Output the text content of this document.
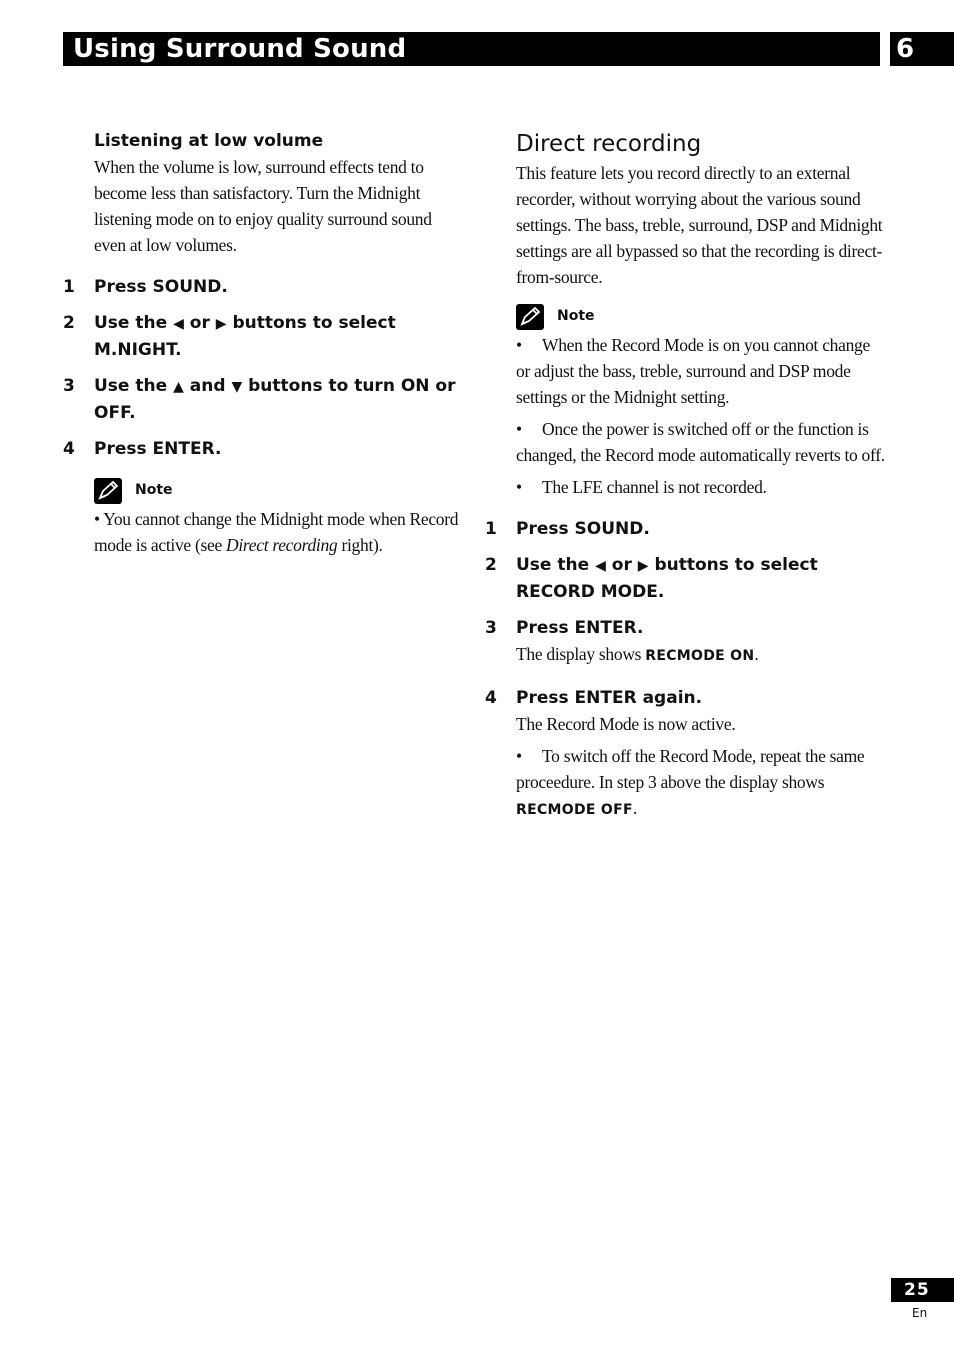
Using Surround Sound	6
Listening at low volume

When the volume is low, surround effects tend to become less than satisfactory. Turn the Midnight listening mode on to enjoy quality surround sound even at low volumes.

1 Press SOUND.
2 Use the ◀ or ▶ buttons to select M.NIGHT.
3 Use the ▲ and ▼ buttons to turn ON or OFF.
4 Press ENTER.
Note

• You cannot change the Midnight mode when Record mode is active (see Direct recording right).

Direct recording

This feature lets you record directly to an external recorder, without worrying about the various sound settings. The bass, treble, surround, DSP and Midnight settings are all bypassed so that the recording is direct-from-source.

Note

• When the Record Mode is on you cannot change or adjust the bass, treble, surround and DSP mode settings or the Midnight setting.

• Once the power is switched off or the function is changed, the Record mode automatically reverts to off.

• The LFE channel is not recorded.

1 Press SOUND.
2 Use the ◀ or ▶ buttons to select RECORD MODE.
3 Press ENTER.

The display shows RECMODE ON.

4 Press ENTER again.

The Record Mode is now active.

• To switch off the Record Mode, repeat the same proceedure. In step 3 above the display shows RECMODE OFF.

25
En
